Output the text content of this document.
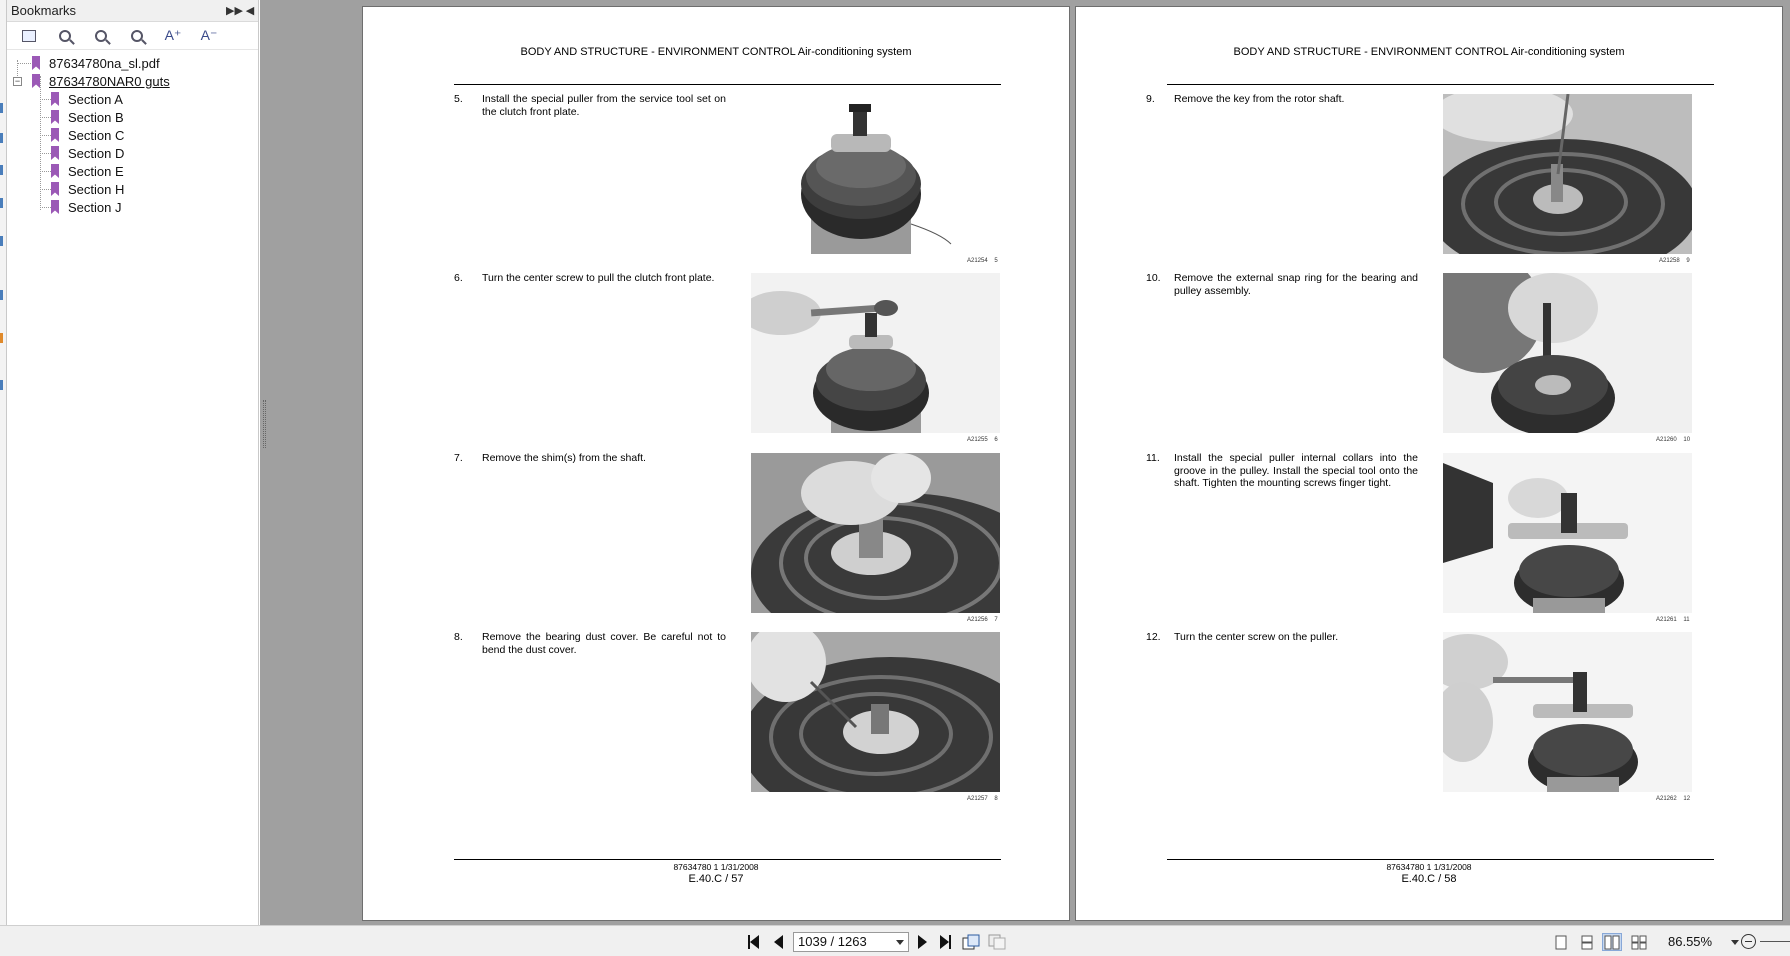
Bookmarks	▶▶ ◀
A⁺ A⁻
87634780na_sl.pdf
− 87634780NAR0 guts
Section A
Section B
Section C
Section D
Section E
Section H
Section J
BODY AND STRUCTURE - ENVIRONMENT CONTROL Air-conditioning system
5. Install the special puller from the service tool set on the clutch front plate.
A21254 5
6. Turn the center screw to pull the clutch front plate.
A21255 6
7. Remove the shim(s) from the shaft.
A21256 7
8. Remove the bearing dust cover. Be careful not to bend the dust cover.
A21257 8
87634780 1 1/31/2008
E.40.C / 57
BODY AND STRUCTURE - ENVIRONMENT CONTROL Air-conditioning system
9. Remove the key from the rotor shaft.
A21258 9
10. Remove the external snap ring for the bearing and pulley assembly.
A21260 10
11. Install the special puller internal collars into the groove in the pulley. Install the special tool onto the shaft. Tighten the mounting screws finger tight.
A21261 11
12. Turn the center screw on the puller.
A21262 12
87634780 1 1/31/2008
E.40.C / 58
1039 / 1263	86.55%
